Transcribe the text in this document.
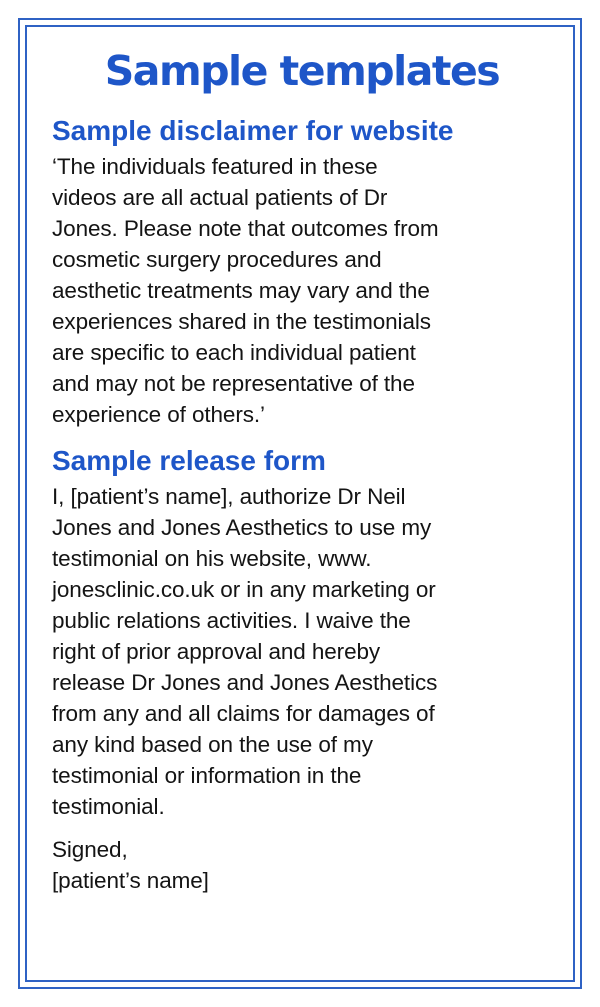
Sample templates
Sample disclaimer for website

‘The individuals featured in these
videos are all actual patients of Dr
Jones. Please note that outcomes from
cosmetic surgery procedures and
aesthetic treatments may vary and the
experiences shared in the testimonials
are specific to each individual patient
and may not be representative of the
experience of others.’

Sample release form

I, [patient’s name], authorize Dr Neil
Jones and Jones Aesthetics to use my
testimonial on his website, www.
jonesclinic.co.uk or in any marketing or
public relations activities. I waive the
right of prior approval and hereby
release Dr Jones and Jones Aesthetics
from any and all claims for damages of
any kind based on the use of my
testimonial or information in the
testimonial.

Signed,
[patient’s name]
